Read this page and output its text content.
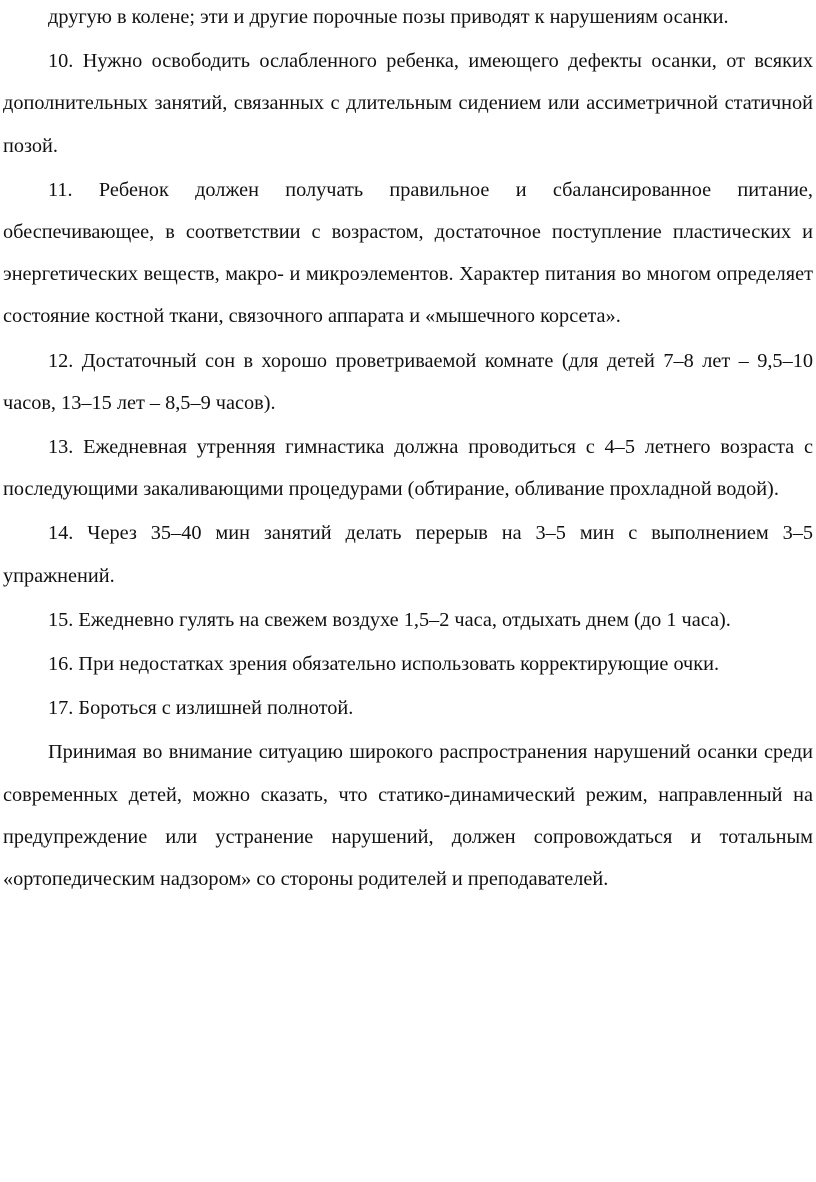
другую в колене; эти и другие порочные позы приводят к нарушениям осанки.

10. Нужно освободить ослабленного ребенка, имеющего дефекты осанки, от всяких дополнительных занятий, связанных с длительным сидением или ассиметричной статичной позой.

11. Ребенок должен получать правильное и сбалансированное питание, обеспечивающее, в соответствии с возрастом, достаточное поступление пластических и энергетических веществ, макро- и микроэлементов. Характер питания во многом определяет состояние костной ткани, связочного аппарата и «мышечного корсета».

12. Достаточный сон в хорошо проветриваемой комнате (для детей 7–8 лет – 9,5–10 часов, 13–15 лет – 8,5–9 часов).

13. Ежедневная утренняя гимнастика должна проводиться с 4–5 летнего возраста с последующими закаливающими процедурами (обтирание, обливание прохладной водой).

14. Через 35–40 мин занятий делать перерыв на 3–5 мин с выполнением 3–5 упражнений.

15. Ежедневно гулять на свежем воздухе 1,5–2 часа, отдыхать днем (до 1 часа).

16. При недостатках зрения обязательно использовать корректирующие очки.

17. Бороться с излишней полнотой.

Принимая во внимание ситуацию широкого распространения нарушений осанки среди современных детей, можно сказать, что статико-динамический режим, направленный на предупреждение или устранение нарушений, должен сопровождаться и тотальным «ортопедическим надзором» со стороны родителей и преподавателей.
